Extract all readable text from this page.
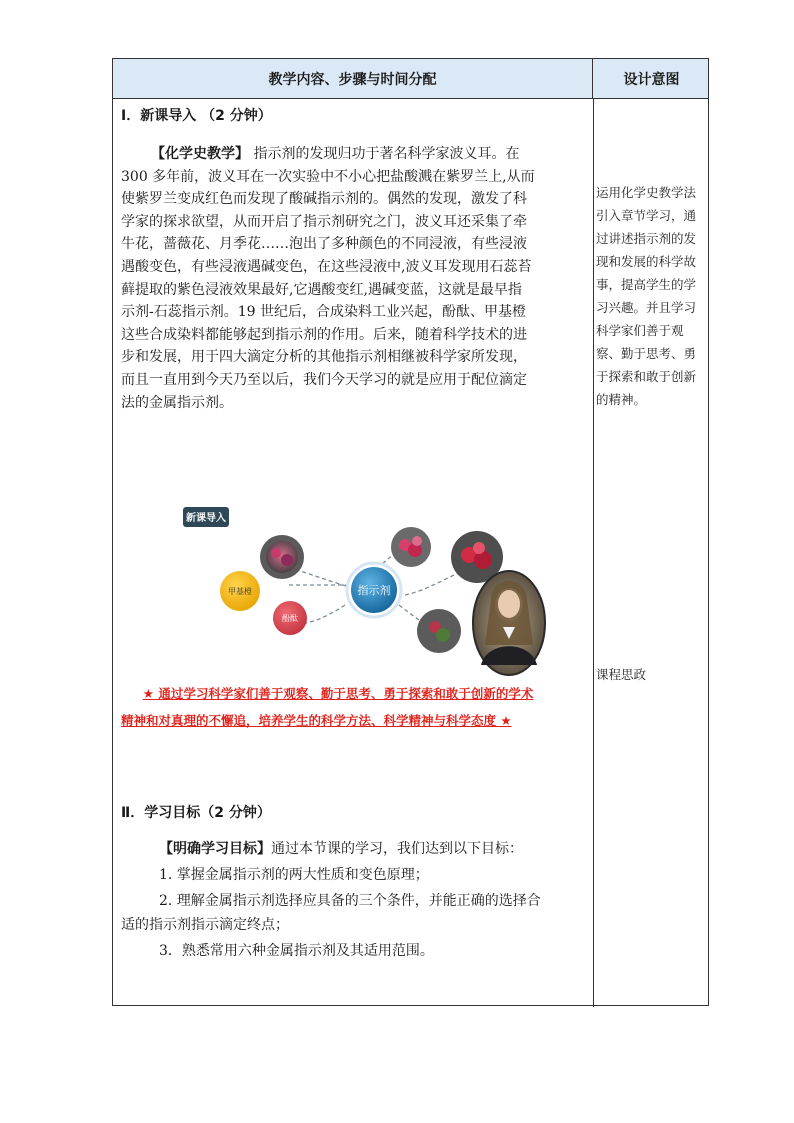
教学内容、步骤与时间分配	设计意图
Ⅰ．新课导入 （2 分钟）
【化学史教学】 指示剂的发现归功于著名科学家波义耳。在
300 多年前，波义耳在一次实验中不小心把盐酸溅在紫罗兰上,从而
使紫罗兰变成红色而发现了酸碱指示剂的。偶然的发现，激发了科
学家的探求欲望，从而开启了指示剂研究之门，波义耳还采集了牵
牛花，蔷薇花、月季花……泡出了多种颜色的不同浸液，有些浸液
遇酸变色，有些浸液遇碱变色，在这些浸液中,波义耳发现用石蕊苔
藓提取的紫色浸液效果最好,它遇酸变红,遇碱变蓝，这就是最早指
示剂-石蕊指示剂。19 世纪后，合成染料工业兴起，酚酞、甲基橙
这些合成染料都能够起到指示剂的作用。后来，随着科学技术的进
步和发展，用于四大滴定分析的其他指示剂相继被科学家所发现，
而且一直用到今天乃至以后，我们今天学习的就是应用于配位滴定
法的金属指示剂。
新课导入
甲基橙
酚酞
指示剂
★ 通过学习科学家们善于观察、勤于思考、勇于探索和敢于创新的学术
精神和对真理的不懈追，培养学生的科学方法、科学精神与科学态度 ★
Ⅱ．学习目标（2 分钟）
【明确学习目标】通过本节课的学习，我们达到以下目标：
1. 掌握金属指示剂的两大性质和变色原理；
2. 理解金属指示剂选择应具备的三个条件，并能正确的选择合
适的指示剂指示滴定终点；
3．熟悉常用六种金属指示剂及其适用范围。
运用化学史教学法
引入章节学习，通
过讲述指示剂的发
现和发展的科学故
事，提高学生的学
习兴趣。并且学习
科学家们善于观
察、勤于思考、勇
于探索和敢于创新
的精神。
课程思政
